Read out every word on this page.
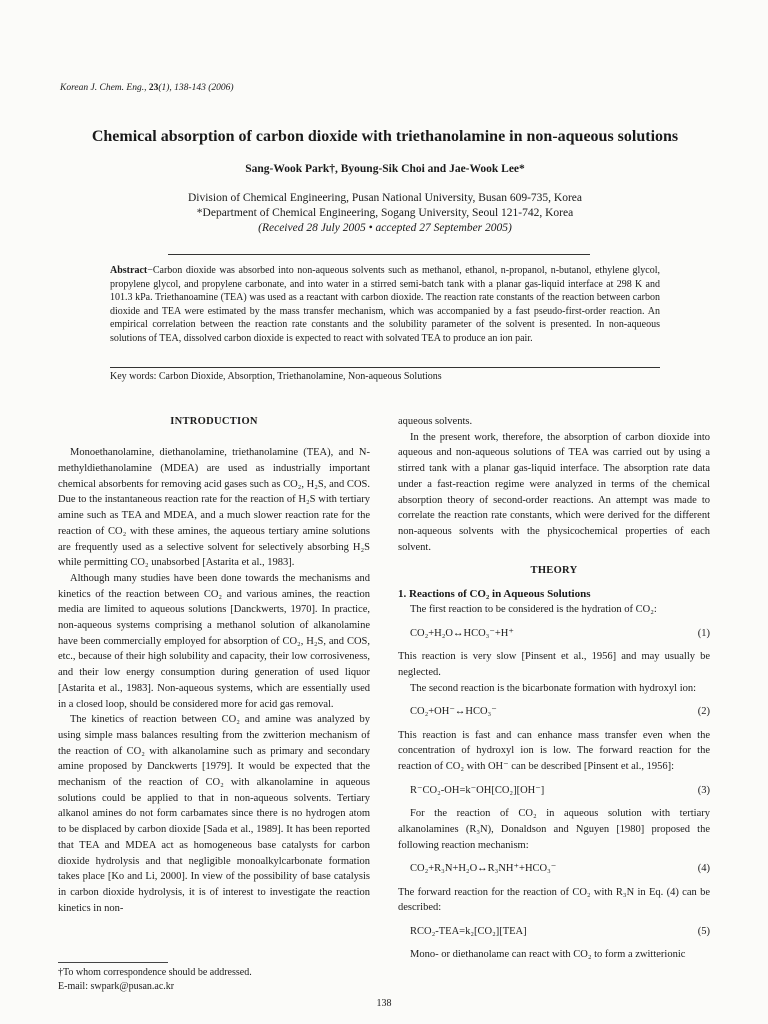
Korean J. Chem. Eng., 23(1), 138-143 (2006)
Chemical absorption of carbon dioxide with triethanolamine in non-aqueous solutions
Sang-Wook Park†, Byoung-Sik Choi and Jae-Wook Lee*
Division of Chemical Engineering, Pusan National University, Busan 609-735, Korea
*Department of Chemical Engineering, Sogang University, Seoul 121-742, Korea
(Received 28 July 2005 • accepted 27 September 2005)
Abstract−Carbon dioxide was absorbed into non-aqueous solvents such as methanol, ethanol, n-propanol, n-butanol, ethylene glycol, propylene glycol, and propylene carbonate, and into water in a stirred semi-batch tank with a planar gas-liquid interface at 298 K and 101.3 kPa. Triethanoamine (TEA) was used as a reactant with carbon dioxide. The reaction rate constants of the reaction between carbon dioxide and TEA were estimated by the mass transfer mechanism, which was accompanied by a fast pseudo-first-order reaction. An empirical correlation between the reaction rate constants and the solubility parameter of the solvent is presented. In non-aqueous solutions of TEA, dissolved carbon dioxide is expected to react with solvated TEA to produce an ion pair.
Key words: Carbon Dioxide, Absorption, Triethanolamine, Non-aqueous Solutions

INTRODUCTION

Monoethanolamine, diethanolamine, triethanolamine (TEA), and N-methyldiethanolamine (MDEA) are used as industrially important chemical absorbents for removing acid gases such as CO₂, H₂S, and COS. Due to the instantaneous reaction rate for the reaction of H₂S with tertiary amine such as TEA and MDEA, and a much slower reaction rate for the reaction of CO₂ with these amines, the aqueous tertiary amine solutions are frequently used as a selective solvent for selectively absorbing H₂S while permitting CO₂ unabsorbed [Astarita et al., 1983].

Although many studies have been done towards the mechanisms and kinetics of the reaction between CO₂ and various amines, the reaction media are limited to aqueous solutions [Danckwerts, 1970]. In practice, non-aqueous systems comprising a methanol solution of alkanolamine have been commercially employed for absorption of CO₂, H₂S, and COS, etc., because of their high solubility and capacity, their low corrosiveness, and their low energy consumption during generation of used liquor [Astarita et al., 1983]. Non-aqueous systems, which are essentially used in a closed loop, should be considered more for acid gas removal.

The kinetics of reaction between CO₂ and amine was analyzed by using simple mass balances resulting from the zwitterion mechanism of the reaction of CO₂ with alkanolamine such as primary and secondary amine proposed by Danckwerts [1979]. It would be expected that the mechanism of the reaction of CO₂ with alkanolamine in aqueous solutions could be applied to that in non-aqueous solvents. Tertiary alkanol amines do not form carbamates since there is no hydrogen atom to be displaced by carbon dioxide [Sada et al., 1989]. It has been reported that TEA and MDEA act as homogeneous base catalysts for carbon dioxide hydrolysis and that negligible monoalkylcarbonate formation takes place [Ko and Li, 2000]. In view of the possibility of base catalysis in carbon dioxide hydrolysis, it is of interest to investigate the reaction kinetics in non-

aqueous solvents.

In the present work, therefore, the absorption of carbon dioxide into aqueous and non-aqueous solutions of TEA was carried out by using a stirred tank with a planar gas-liquid interface. The absorption rate data under a fast-reaction regime were analyzed in terms of the chemical absorption theory of second-order reactions. An attempt was made to correlate the reaction rate constants, which were derived for the different non-aqueous solvents with the physicochemical properties of each solvent.

THEORY

1. Reactions of CO₂ in Aqueous Solutions

The first reaction to be considered is the hydration of CO₂:

CO₂+H₂O↔HCO₃⁻+H⁺	(1)

This reaction is very slow [Pinsent et al., 1956] and may usually be neglected.

The second reaction is the bicarbonate formation with hydroxyl ion:

CO₂+OH⁻↔HCO₃⁻	(2)

This reaction is fast and can enhance mass transfer even when the concentration of hydroxyl ion is low. The forward reaction for the reaction of CO₂ with OH⁻ can be described [Pinsent et al., 1956]:

R⁻CO₂-OH=k⁻OH[CO₂][OH⁻]	(3)

For the reaction of CO₂ in aqueous solution with tertiary alkanolamines (R₃N), Donaldson and Nguyen [1980] proposed the following reaction mechanism:

CO₂+R₃N+H₂O↔R₃NH⁺+HCO₃⁻	(4)

The forward reaction for the reaction of CO₂ with R₃N in Eq. (4) can be described:

RCO₂-TEA=k₂[CO₂][TEA]	(5)

Mono- or diethanolame can react with CO₂ to form a zwitterionic

†To whom correspondence should be addressed.
E-mail: swpark@pusan.ac.kr
138
